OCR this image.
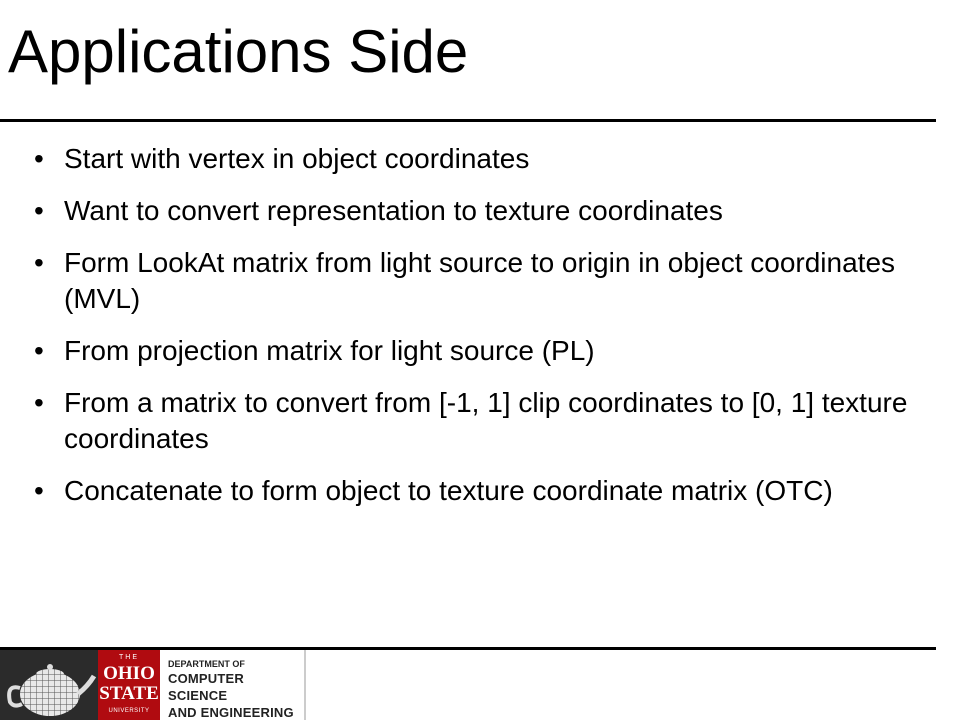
Applications Side
• Start with vertex in object coordinates
• Want to convert representation to texture coordinates
• Form LookAt matrix from light source to origin in object coordinates (MVL)
• From projection matrix for light source (PL)
• From a matrix to convert from [-1, 1] clip coordinates to [0, 1] texture coordinates
• Concatenate to form object to texture coordinate matrix (OTC)
THE
OHIO
STATE
UNIVERSITY
DEPARTMENT OF
COMPUTER SCIENCE
AND ENGINEERING
